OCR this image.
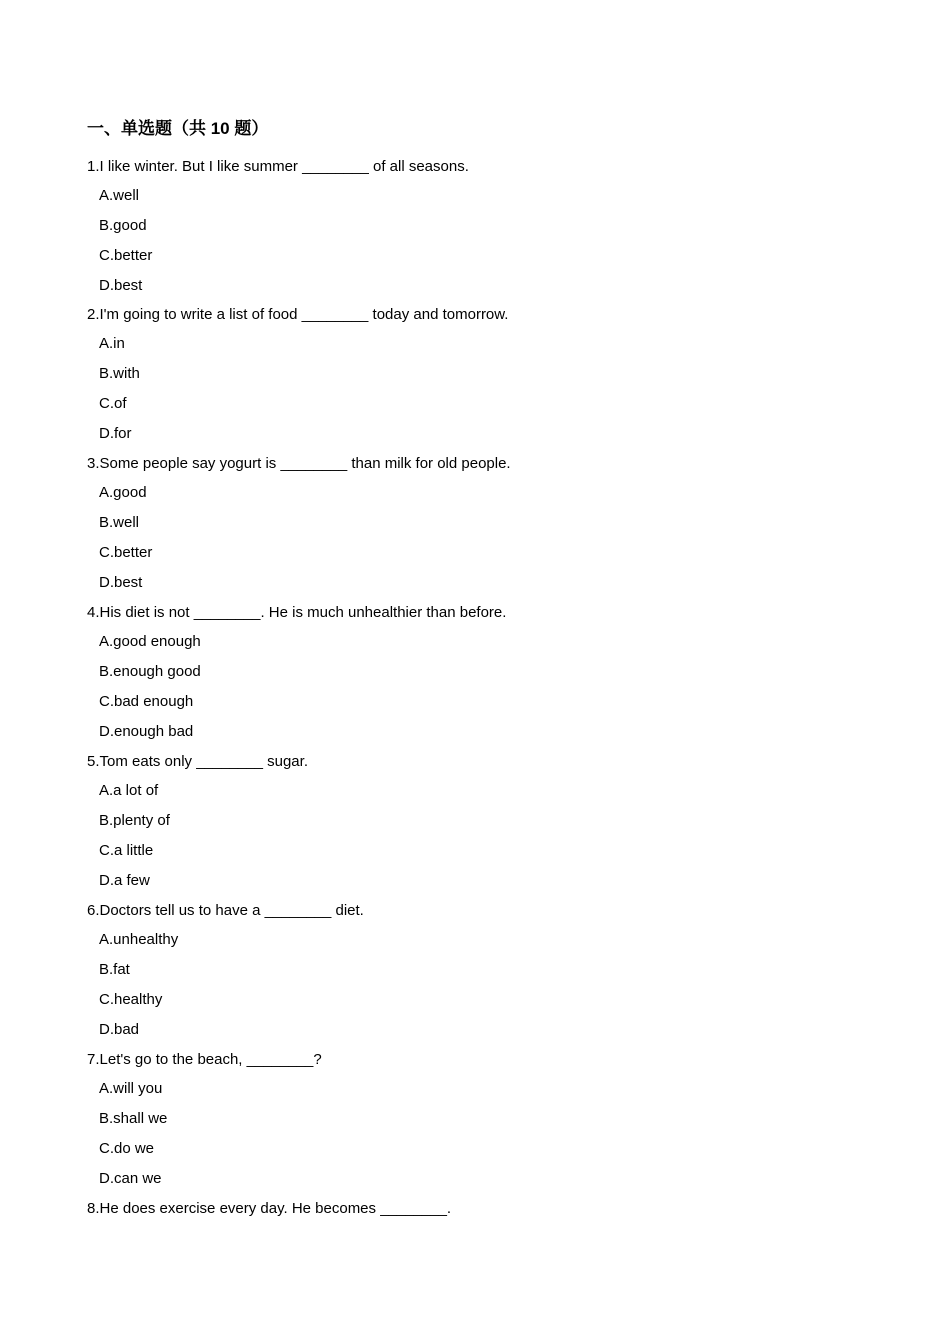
一、单选题（共 10 题）
1.I like winter. But I like summer ________ of all seasons.
A.well
B.good
C.better
D.best
2.I'm going to write a list of food ________ today and tomorrow.
A.in
B.with
C.of
D.for
3.Some people say yogurt is ________ than milk for old people.
A.good
B.well
C.better
D.best
4.His diet is not ________. He is much unhealthier than before.
A.good enough
B.enough good
C.bad enough
D.enough bad
5.Tom eats only ________ sugar.
A.a lot of
B.plenty of
C.a little
D.a few
6.Doctors tell us to have a ________ diet.
A.unhealthy
B.fat
C.healthy
D.bad
7.Let's go to the beach, ________?
A.will you
B.shall we
C.do we
D.can we
8.He does exercise every day. He becomes ________.
